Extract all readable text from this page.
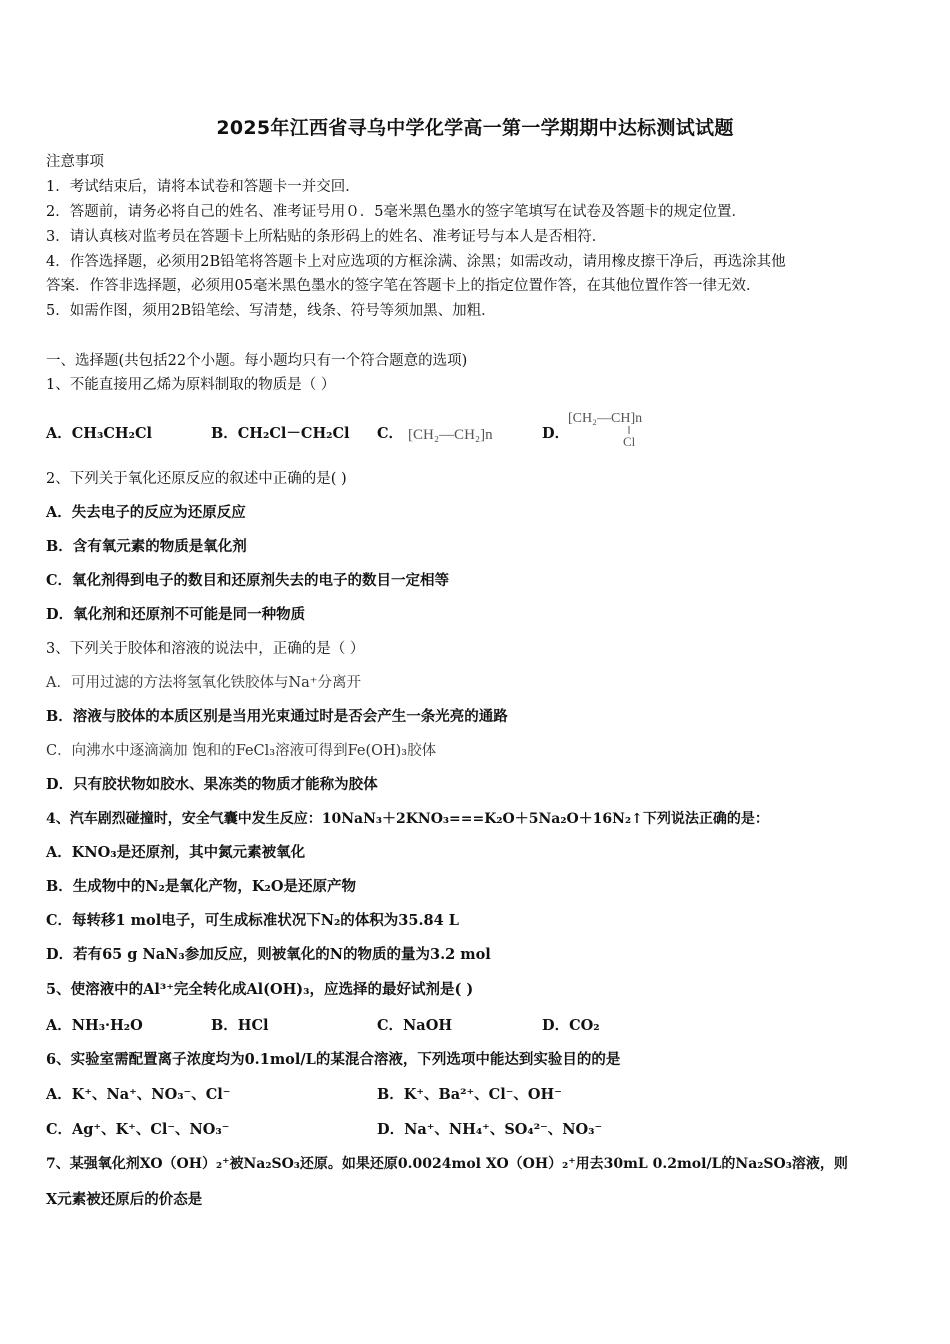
2025年江西省寻乌中学化学高一第一学期期中达标测试试题
注意事项
1．考试结束后，请将本试卷和答题卡一并交回．
2．答题前，请务必将自己的姓名、准考证号用０．5毫米黑色墨水的签字笔填写在试卷及答题卡的规定位置．
3．请认真核对监考员在答题卡上所粘贴的条形码上的姓名、准考证号与本人是否相符．
4．作答选择题，必须用2B铅笔将答题卡上对应选项的方框涂满、涂黑；如需改动，请用橡皮擦干净后，再选涂其他
答案．作答非选择题，必须用05毫米黑色墨水的签字笔在答题卡上的指定位置作答，在其他位置作答一律无效．
5．如需作图，须用2B铅笔绘、写清楚，线条、符号等须加黑、加粗．
一、选择题(共包括22个小题。每小题均只有一个符合题意的选项)
1、不能直接用乙烯为原料制取的物质是（ ）
A．CH₃CH₂Cl	B．CH₂Cl－CH₂Cl C． [CH₂—CH₂]n	D．
[CH₂—CH]n
Cl
2、下列关于氧化还原反应的叙述中正确的是( )
A．失去电子的反应为还原反应
B．含有氧元素的物质是氧化剂
C．氧化剂得到电子的数目和还原剂失去的电子的数目一定相等
D．氧化剂和还原剂不可能是同一种物质
3、下列关于胶体和溶液的说法中，正确的是（ ）
A．可用过滤的方法将氢氧化铁胶体与Na⁺分离开
B．溶液与胶体的本质区别是当用光束通过时是否会产生一条光亮的通路
C．向沸水中逐滴滴加 饱和的FeCl₃溶液可得到Fe(OH)₃胶体
D．只有胶状物如胶水、果冻类的物质才能称为胶体
4、汽车剧烈碰撞时，安全气囊中发生反应：10NaN₃＋2KNO₃===K₂O＋5Na₂O＋16N₂↑下列说法正确的是：
A．KNO₃是还原剂，其中氮元素被氧化
B．生成物中的N₂是氧化产物，K₂O是还原产物
C．每转移1 mol电子，可生成标准状况下N₂的体积为35.84 L
D．若有65 g NaN₃参加反应，则被氧化的N的物质的量为3.2 mol
5、使溶液中的Al³⁺完全转化成Al(OH)₃，应选择的最好试剂是( )
A．NH₃·H₂O	B．HCl	C．NaOH	D．CO₂
6、实验室需配置离子浓度均为0.1mol/L的某混合溶液，下列选项中能达到实验目的的是
A．K⁺、Na⁺、NO₃⁻、Cl⁻	B．K⁺、Ba²⁺、Cl⁻、OH⁻
C．Ag⁺、K⁺、Cl⁻、NO₃⁻	D．Na⁺、NH₄⁺、SO₄²⁻、NO₃⁻
7、某强氧化剂XO（OH）₂⁺被Na₂SO₃还原。如果还原0.0024mol XO（OH）₂⁺用去30mL 0.2mol/L的Na₂SO₃溶液，则
X元素被还原后的价态是
